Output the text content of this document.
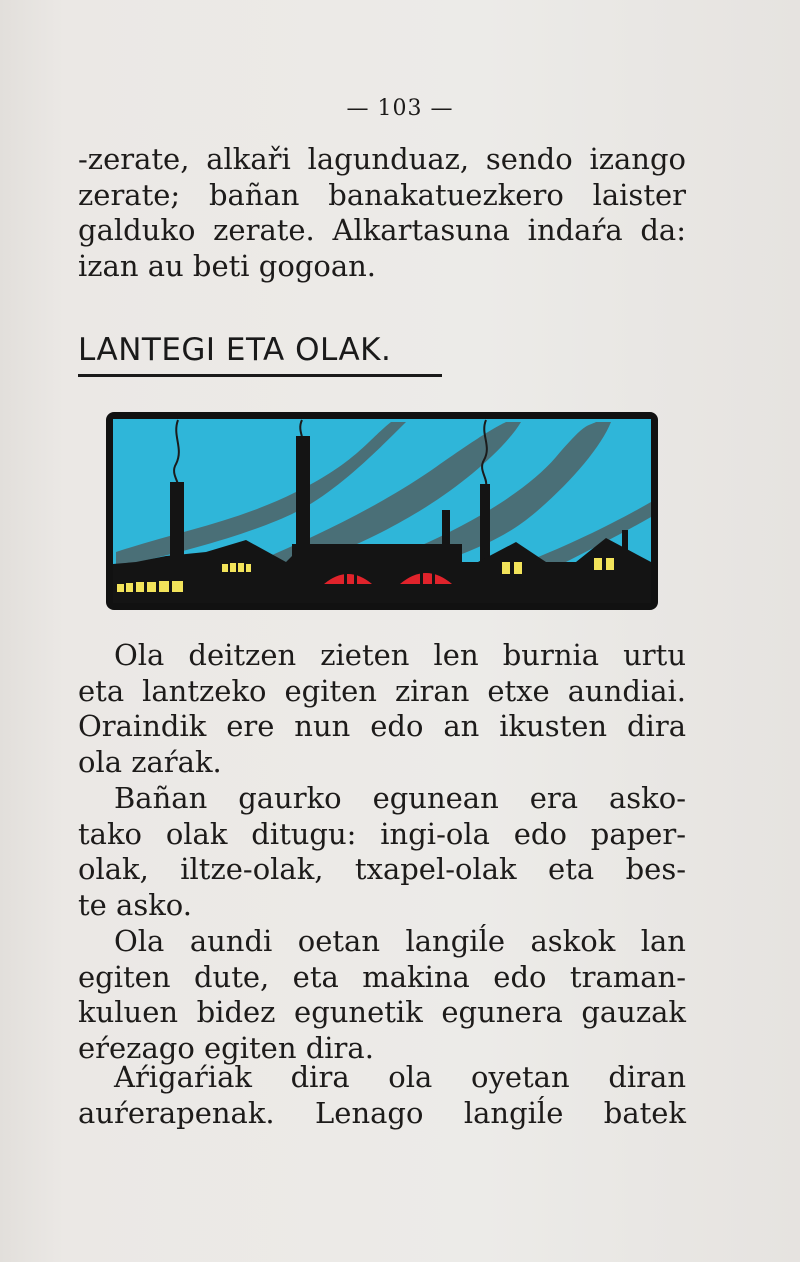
— 103 —
-zerate, alkaři lagunduaz, sendo izango
zerate; bañan banakatuezkero laister
galduko zerate. Alkartasuna indaŕa da:
izan au beti gogoan.
LANTEGI ETA OLAK.
Ola deitzen zieten len burnia urtu
eta lantzeko egiten ziran etxe aundiai.
Oraindik ere nun edo an ikusten dira
ola zaŕak.
Bañan gaurko egunean era asko-
tako olak ditugu: ingi-ola edo paper-
olak, iltze-olak, txapel-olak eta bes-
te asko.
Ola aundi oetan langiĺe askok lan
egiten dute, eta makina edo traman-
kuluen bidez egunetik egunera gauzak
eŕezago egiten dira.
Aŕigaŕiak dira ola oyetan diran
auŕerapenak. Lenago langiĺe batek
